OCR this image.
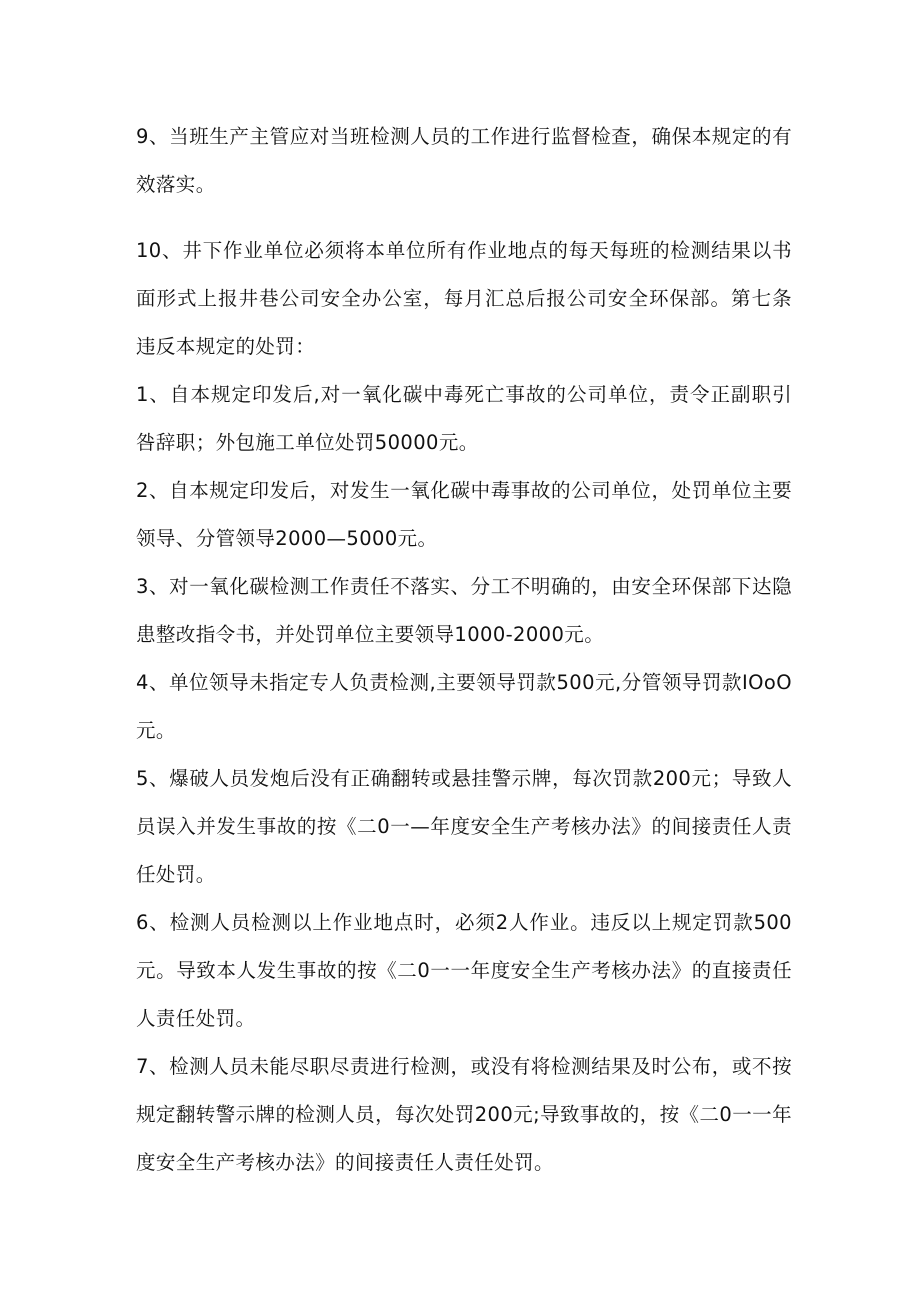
9、当班生产主管应对当班检测人员的工作进行监督检查，确保本规定的有效落实。

10、井下作业单位必须将本单位所有作业地点的每天每班的检测结果以书面形式上报井巷公司安全办公室，每月汇总后报公司安全环保部。第七条违反本规定的处罚：

1、自本规定印发后,对一氧化碳中毒死亡事故的公司单位，责令正副职引咎辞职；外包施工单位处罚50000元。

2、自本规定印发后，对发生一氧化碳中毒事故的公司单位，处罚单位主要领导、分管领导2000—5000元。

3、对一氧化碳检测工作责任不落实、分工不明确的，由安全环保部下达隐患整改指令书，并处罚单位主要领导1000-2000元。

4、单位领导未指定专人负责检测,主要领导罚款500元,分管领导罚款IOoO元。

5、爆破人员发炮后没有正确翻转或悬挂警示牌，每次罚款200元；导致人员误入并发生事故的按《二0一—年度安全生产考核办法》的间接责任人责任处罚。

6、检测人员检测以上作业地点时，必须2人作业。违反以上规定罚款500元。导致本人发生事故的按《二0一一年度安全生产考核办法》的直接责任人责任处罚。

7、检测人员未能尽职尽责进行检测，或没有将检测结果及时公布，或不按规定翻转警示牌的检测人员，每次处罚200元;导致事故的，按《二0一一年度安全生产考核办法》的间接责任人责任处罚。
